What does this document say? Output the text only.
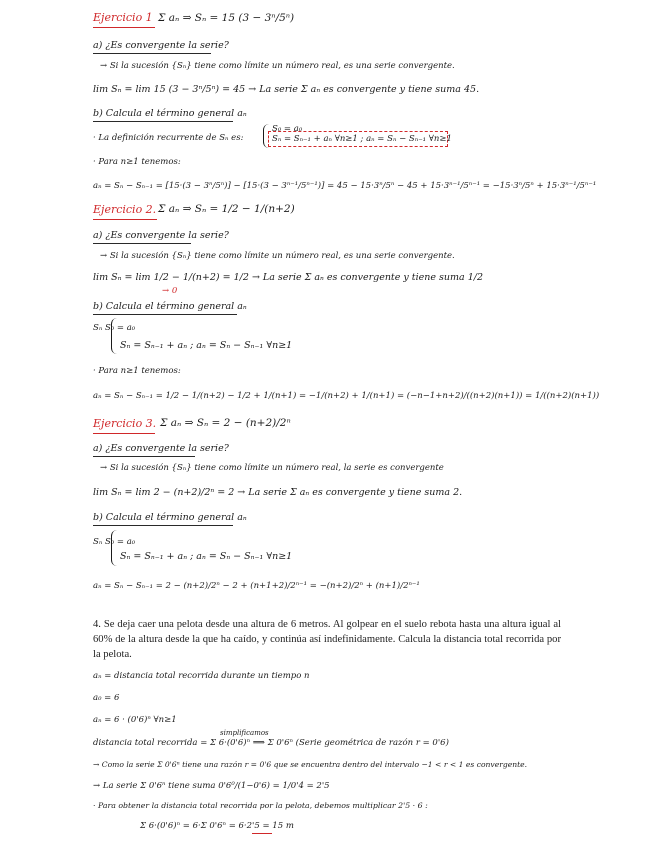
Ejercicio 1 Σ aₙ ⇒ Sₙ = 15 (3 − 3ⁿ/5ⁿ)
a) ¿Es convergente la serie?
→ Si la sucesión {Sₙ} tiene como límite un número real, es una serie convergente.
lim Sₙ = lim 15 (3 − 3ⁿ/5ⁿ) = 45 → La serie Σ aₙ es convergente y tiene suma 45.
b) Calcula el término general aₙ
· La definición recurrente de Sₙ es:
S₀ = a₀
Sₙ = Sₙ₋₁ + aₙ ∀n≥1 ; aₙ = Sₙ − Sₙ₋₁ ∀n≥1
· Para n≥1 tenemos:
aₙ = Sₙ − Sₙ₋₁ = [15·(3 − 3ⁿ/5ⁿ)] − [15·(3 − 3ⁿ⁻¹/5ⁿ⁻¹)] = 45 − 15·3ⁿ/5ⁿ − 45 + 15·3ⁿ⁻¹/5ⁿ⁻¹ = −15·3ⁿ/5ⁿ + 15·3ⁿ⁻¹/5ⁿ⁻¹
Ejercicio 2. Σ aₙ ⇒ Sₙ = 1/2 − 1/(n+2)
a) ¿Es convergente la serie?
→ Si la sucesión {Sₙ} tiene como límite un número real, es una serie convergente.
lim Sₙ = lim 1/2 − 1/(n+2) = 1/2 → La serie Σ aₙ es convergente y tiene suma 1/2
→ 0
b) Calcula el término general aₙ
Sₙ S₀ = a₀
Sₙ = Sₙ₋₁ + aₙ ; aₙ = Sₙ − Sₙ₋₁ ∀n≥1
· Para n≥1 tenemos:
aₙ = Sₙ − Sₙ₋₁ = 1/2 − 1/(n+2) − 1/2 + 1/(n+1) = −1/(n+2) + 1/(n+1) = (−n−1+n+2)/((n+2)(n+1)) = 1/((n+2)(n+1))
Ejercicio 3. Σ aₙ ⇒ Sₙ = 2 − (n+2)/2ⁿ
a) ¿Es convergente la serie?
→ Si la sucesión {Sₙ} tiene como límite un número real, la serie es convergente
lim Sₙ = lim 2 − (n+2)/2ⁿ = 2 → La serie Σ aₙ es convergente y tiene suma 2.
b) Calcula el término general aₙ
Sₙ S₀ = a₀
Sₙ = Sₙ₋₁ + aₙ ; aₙ = Sₙ − Sₙ₋₁ ∀n≥1
aₙ = Sₙ − Sₙ₋₁ = 2 − (n+2)/2ⁿ − 2 + (n+1+2)/2ⁿ⁻¹ = −(n+2)/2ⁿ + (n+1)/2ⁿ⁻¹
4. Se deja caer una pelota desde una altura de 6 metros. Al golpear en el suelo rebota hasta una altura igual al 60% de la altura desde la que ha caído, y continúa así indefinidamente. Calcula la distancia total recorrida por la pelota.
aₙ = distancia total recorrida durante un tiempo n
a₀ = 6
aₙ = 6 · (0'6)ⁿ ∀n≥1
simplificamos
distancia total recorrida = Σ 6·(0'6)ⁿ ⟹ Σ 0'6ⁿ (Serie geométrica de razón r = 0'6)
→ Como la serie Σ 0'6ⁿ tiene una razón r = 0'6 que se encuentra dentro del intervalo −1 < r < 1 es convergente.
→ La serie Σ 0'6ⁿ tiene suma 0'6⁰/(1−0'6) = 1/0'4 = 2'5
· Para obtener la distancia total recorrida por la pelota, debemos multiplicar 2'5 · 6 :
Σ 6·(0'6)ⁿ = 6·Σ 0'6ⁿ = 6·2'5 = 15 m
